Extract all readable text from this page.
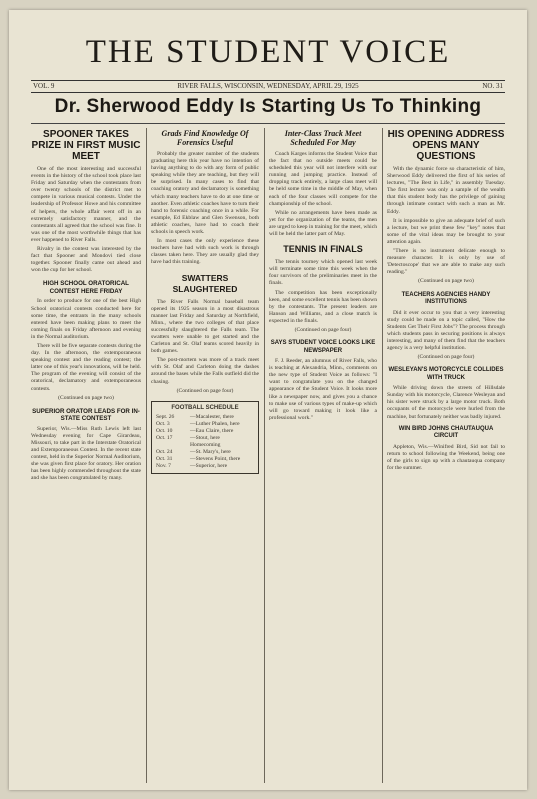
THE STUDENT VOICE
VOL. 9	RIVER FALLS, WISCONSIN, WEDNESDAY, APRIL 29, 1925	NO. 31
Dr. Sherwood Eddy Is Starting Us To Thinking
SPOONER TAKES PRIZE IN FIRST MUSIC MEET

One of the most interesting and successful events in the history of the school took place last Friday and Saturday when the contestants from over twenty schools of the district met to compete in various musical contests. Under the leadership of Professor Howe and his committee of helpers, the whole affair went off in an extremely satisfactory manner, and the contestants all agreed that the school was fine. It was one of the most worthwhile things that has ever happened to River Falls.

Rivalry in the contest was interested by the fact that Spooner and Mondovi tied close together. Spooner finally came out ahead and won the cup for her school.

HIGH SCHOOL ORATORICAL CONTEST HERE FRIDAY

In order to produce for one of the best High School oratorical contests conducted here for some time, the entrants in the many schools entered have been making plans to meet the coming finals on Friday afternoon and evening in the Normal auditorium.

There will be five separate contests during the day. In the afternoon, the extemporaneous speaking contest and the reading contest; the latter one of this year's innovations, will be held. The program of the evening will consist of the oratorical, declamatory and extemporaneous contests.

(Continued on page two)
SUPERIOR ORATOR LEADS FOR IN-STATE CONTEST

Superior, Wis.—Miss Ruth Lewis left last Wednesday evening for Cape Girardeau, Missouri, to take part in the Interstate Oratorical and Extemporaneous Contest. In the recent state contest, held in the Superior Normal Auditorium, she was given first place for oratory. Her oration has been highly commended throughout the state and she has been congratulated by many.

Grads Find Knowledge Of Forensics Useful

Probably the greater number of the students graduating here this year have no intention of having anything to do with any form of public speaking while they are teaching, but they will be surprised. In many cases to find that coaching oratory and declamatory is something which many teachers have to do at one time or another. Even athletic coaches have to turn their hand to forensic coaching once in a while. For example, Ed Ekblaw and Glen Swenson, both athletic coaches, have had to coach their schools in speech work.

In most cases the only experience these teachers have had with such work is through classes taken here. They are usually glad they have had this training.

SWATTERS SLAUGHTERED

The River Falls Normal baseball team opened its 1925 season in a most disastrous manner last Friday and Saturday at Northfield, Minn., where the two colleges of that place successfully slaughtered the Falls team. The swatters were unable to get started and the Carleton and St. Olaf teams scored heavily in both games.

The post-mortem was more of a track meet with St. Olaf and Carleton doing the dashes around the bases while the Falls outfield did the chasing.

(Continued on page four)
FOOTBALL SCHEDULE
Sept. 26	—Macalester, there
Oct. 3	—Luther Phalen, here
Oct. 10	—Eau Claire, there
Oct. 17	—Stout, here
Homecoming
Oct. 24	—St. Mary's, here
Oct. 31	—Stevens Point, there
Nov. 7	—Superior, here
Inter-Class Track Meet Scheduled For May

Coach Karges informs the Student Voice that the fact that no outside meets could be scheduled this year will not interfere with our running and jumping practice. Instead of dropping track entirely, a large class meet will be held some time in the middle of May, when each of the four classes will compete for the championship of the school.

While no arrangements have been made as yet for the organization of the teams, the men are urged to keep in training for the meet, which will be held the latter part of May.

TENNIS IN FINALS

The tennis tourney which opened last week will terminate some time this week when the four survivors of the preliminaries meet in the finals.

The competition has been exceptionally keen, and some excellent tennis has been shown by the contestants. The present leaders are Hanson and Williams, and a close match is expected in the finals.

(Continued on page four)
SAYS STUDENT VOICE LOOKS LIKE NEWSPAPER

F. J. Reeder, an alumnus of River Falls, who is teaching at Alexandria, Minn., comments on the new type of Student Voice as follows: "I want to congratulate you on the changed appearance of the Student Voice. It looks more like a newspaper now, and gives you a chance to make use of various types of make-up which will go toward making it look like a professional work."

HIS OPENING ADDRESS OPENS MANY QUESTIONS

With the dynamic force so characteristic of him, Sherwood Eddy delivered the first of his series of lectures, "The Best in Life," in assembly Tuesday. The first lecture was only a sample of the wealth that this student body has the privilege of gaining through intimate contact with such a man as Mr. Eddy.

It is impossible to give an adequate brief of such a lecture, but we print these few "key" notes that some of the vital ideas may be brought to your attention again.

"There is no instrument delicate enough to measure character. It is only by use of 'Detectoscope' that we are able to make any such reading."

(Continued on page two)
TEACHERS AGENCIES HANDY INSTITUTIONS

Did it ever occur to you that a very interesting study could be made on a topic called, "How the Students Get Their First Jobs"? The process through which students pass in securing positions is always interesting, and many of them find that the teachers agency is a very helpful institution.

(Continued on page four)
WESLEYAN'S MOTORCYCLE COLLIDES WITH TRUCK

While driving down the streets of Hillsdale Sunday with his motorcycle, Clarence Wesleyan and his sister were struck by a large motor truck. Both occupants of the motorcycle were hurled from the machine, but fortunately neither was badly injured.

WIN BIRD JOHNS CHAUTAUQUA CIRCUIT

Appleton, Wis.—Winifred Bird, Sid not fail to return to school following the Weekend, being one of the girls to sign up with a chautauqua company for the summer.
